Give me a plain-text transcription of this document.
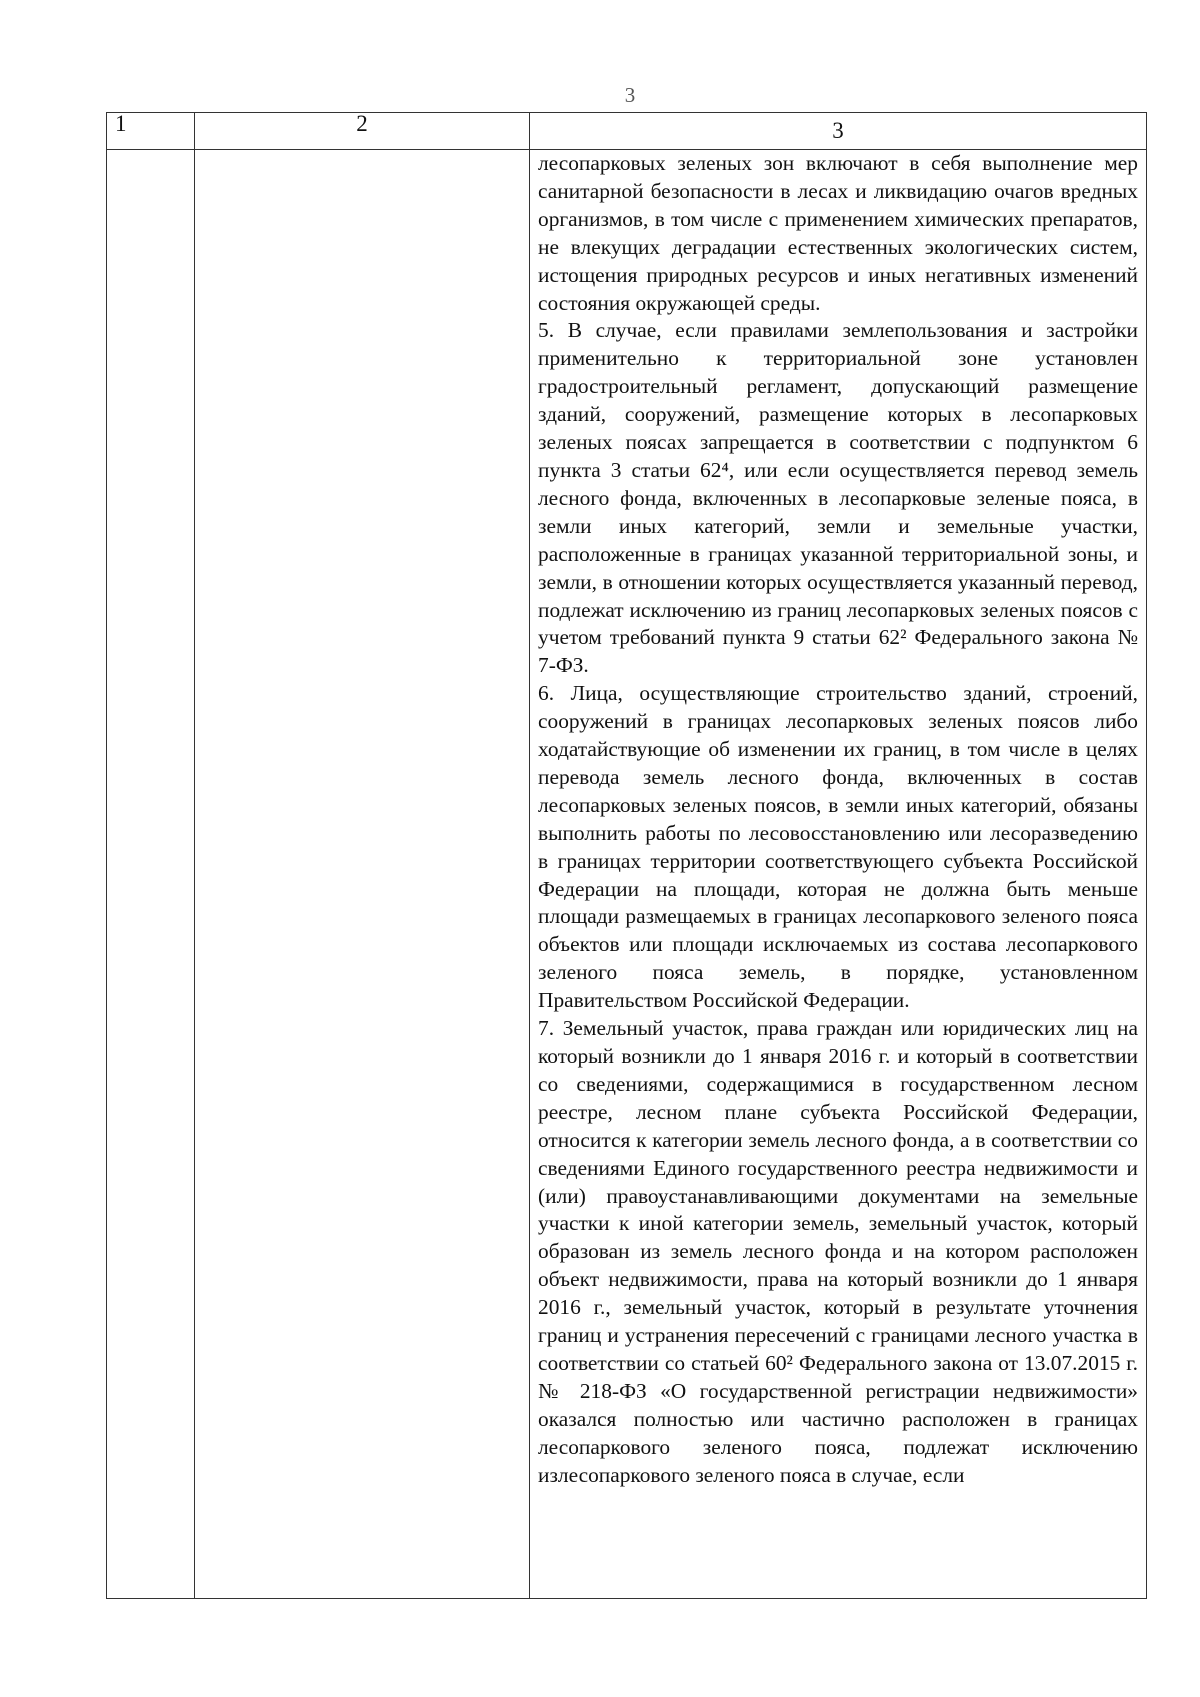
3
1	2	3

		лесопарковых зеленых зон включают в себя выполнение мер санитарной безопасности в лесах и ликвидацию очагов вредных организмов, в том числе с применением химических препаратов, не влекущих деградации естественных экологических систем, истощения природных ресурсов и иных негативных изменений состояния окружающей среды.

5. В случае, если правилами землепользования и застройки применительно к территориальной зоне установлен градостроительный регламент, допускающий размещение зданий, сооружений, размещение которых в лесопарковых зеленых поясах запрещается в соответствии с подпунктом 6 пункта 3 статьи 62⁴, или если осуществляется перевод земель лесного фонда, включенных в лесопарковые зеленые пояса, в земли иных категорий, земли и земельные участки, расположенные в границах указанной территориальной зоны, и земли, в отношении которых осуществляется указанный перевод, подлежат исключению из границ лесопарковых зеленых поясов с учетом требований пункта 9 статьи 62² Федерального закона № 7-ФЗ.

6. Лица, осуществляющие строительство зданий, строений, сооружений в границах лесопарковых зеленых поясов либо ходатайствующие об изменении их границ, в том числе в целях перевода земель лесного фонда, включенных в состав лесопарковых зеленых поясов, в земли иных категорий, обязаны выполнить работы по лесовосстановлению или лесоразведению в границах территории соответствующего субъекта Российской Федерации на площади, которая не должна быть меньше площади размещаемых в границах лесопаркового зеленого пояса объектов или площади исключаемых из состава лесопаркового зеленого пояса земель, в порядке, установленном Правительством Российской Федерации.

7. Земельный участок, права граждан или юридических лиц на который возникли до 1 января 2016 г. и который в соответствии со сведениями, содержащимися в государственном лесном реестре, лесном плане субъекта Российской Федерации, относится к категории земель лесного фонда, а в соответствии со сведениями Единого государственного реестра недвижимости и (или) правоустанавливающими документами на земельные участки к иной категории земель, земельный участок, который образован из земель лесного фонда и на котором расположен объект недвижимости, права на который возникли до 1 января 2016 г., земельный участок, который в результате уточнения границ и устранения пересечений с границами лесного участка в соответствии со статьей 60² Федерального закона от 13.07.2015 г. № 218-ФЗ «О государственной регистрации недвижимости» оказался полностью или частично расположен в границах лесопаркового зеленого пояса, подлежат исключению излесопаркового зеленого пояса в случае, если
